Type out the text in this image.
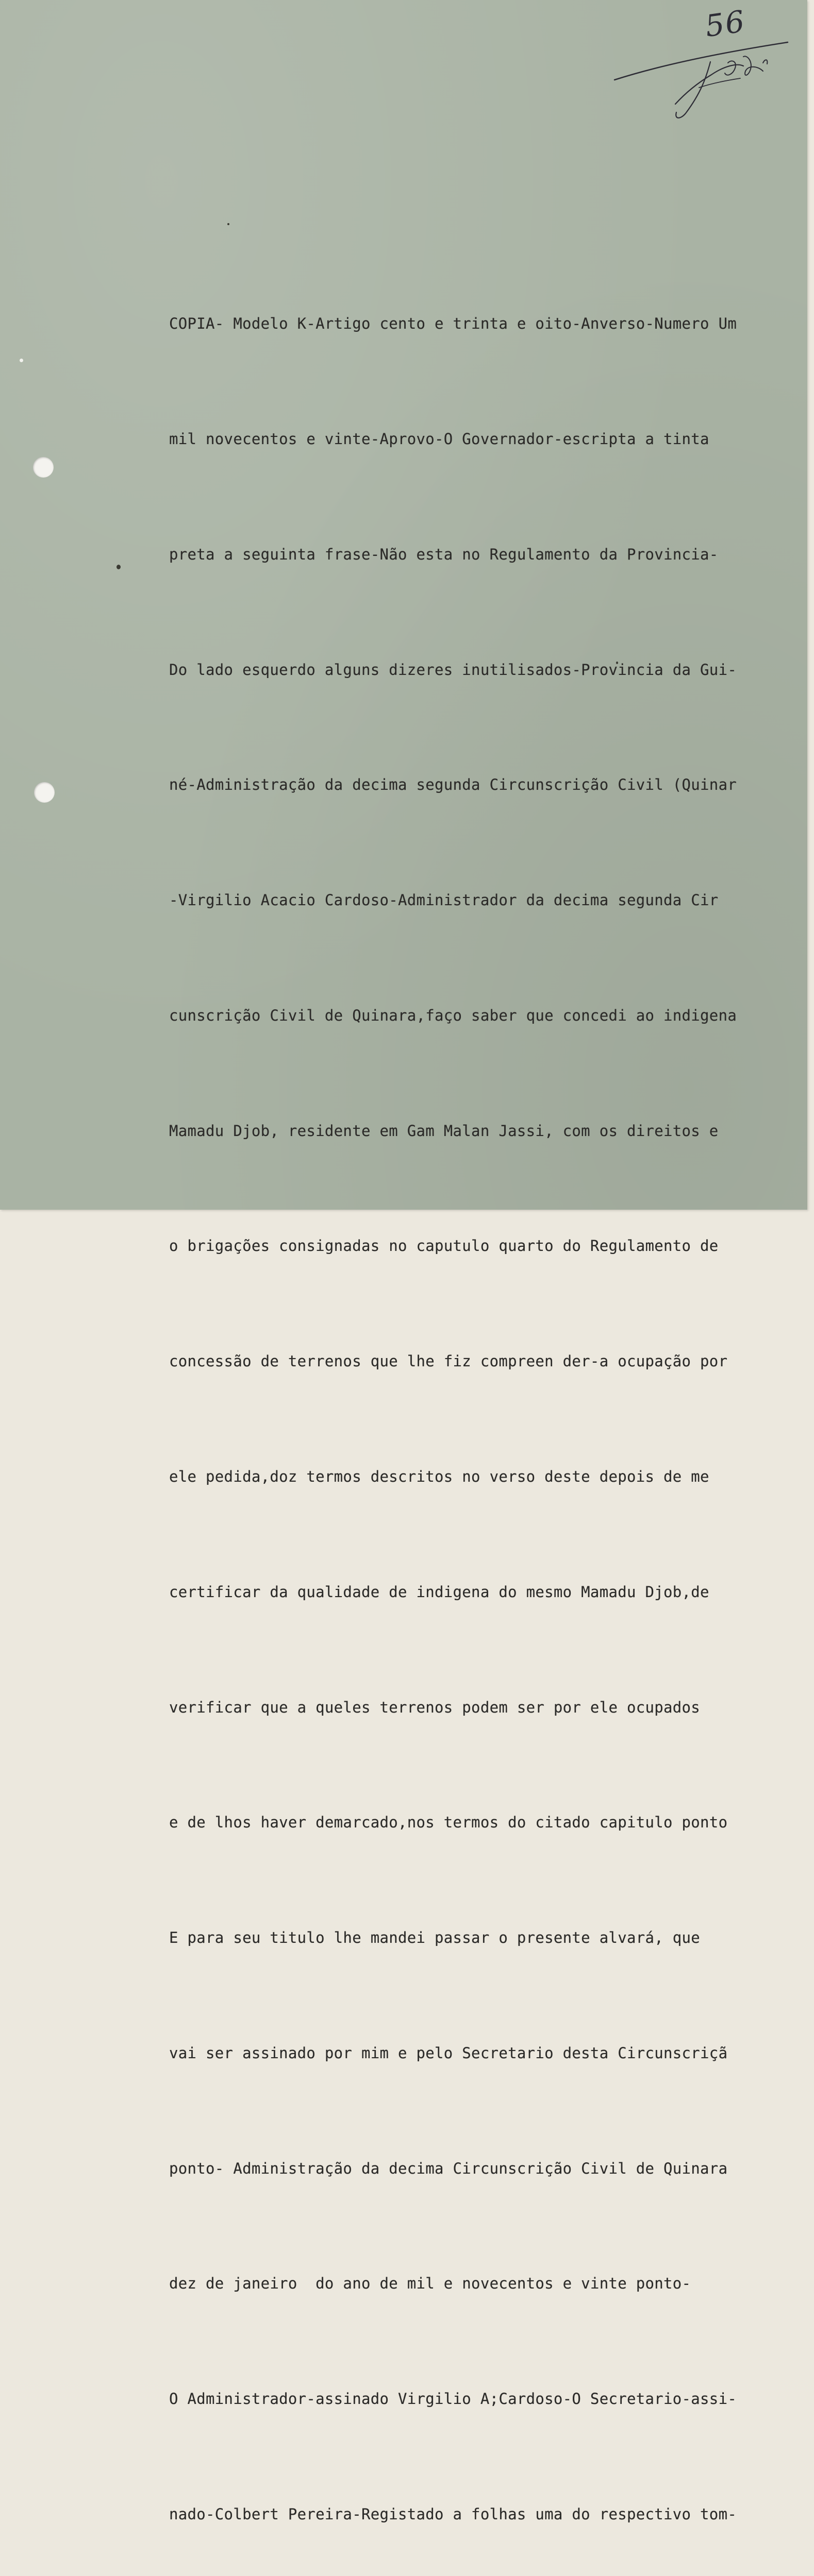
56

COPIA- Modelo K-Artigo cento e trinta e oito-Anverso-Numero Um

mil novecentos e vinte-Aprovo-O Governador-escripta a tinta

preta a seguinta frase-Não esta no Regulamento da Provincia-

Do lado esquerdo alguns dizeres inutilisados-Provincia da Gui-

né-Administração da decima segunda Circunscrição Civil (Quinar

-Virgilio Acacio Cardoso-Administrador da decima segunda Cir

cunscrição Civil de Quinara,faço saber que concedi ao indigena

Mamadu Djob, residente em Gam Malan Jassi, com os direitos e

o brigações consignadas no caputulo quarto do Regulamento de

concessão de terrenos que lhe fiz compreen der-a ocupação por

ele pedida,doz termos descritos no verso deste depois de me

certificar da qualidade de indigena do mesmo Mamadu Djob,de

verificar que a queles terrenos podem ser por ele ocupados

e de lhos haver demarcado,nos termos do citado capitulo ponto

E para seu titulo lhe mandei passar o presente alvará, que

vai ser assinado por mim e pelo Secretario desta Circunscriçã

ponto- Administração da decima Circunscrição Civil de Quinara

dez de janeiro  do ano de mil e novecentos e vinte ponto-

O Administrador-assinado Virgilio A;Cardoso-O Secretario-assi-

nado-Colbert Pereira-Registado a folhas uma do respectivo tom-
